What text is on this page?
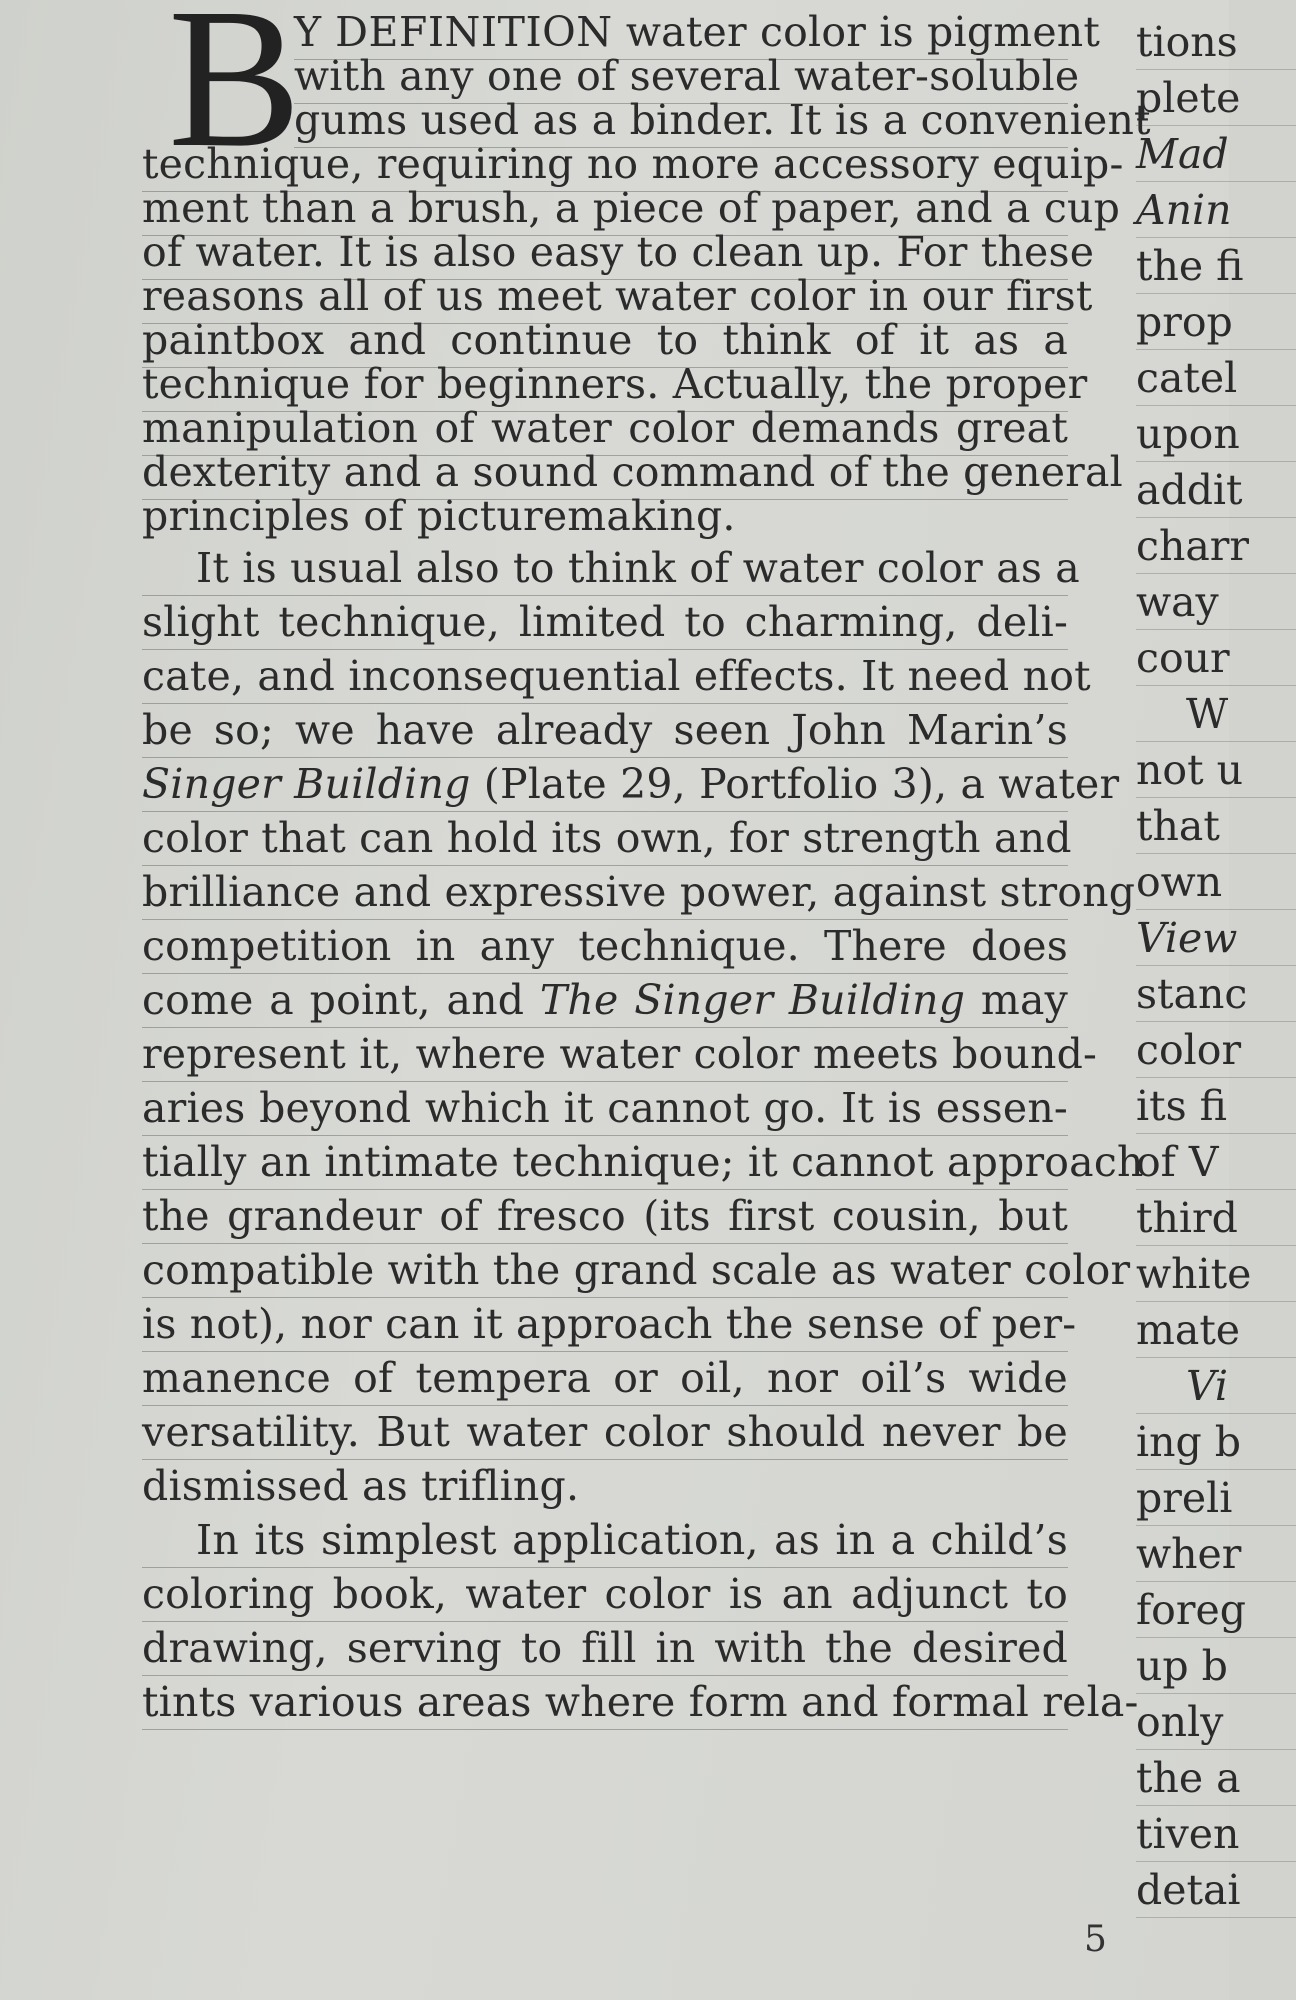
B
Y DEFINITION water color is pigment
with any one of several water-soluble
gums used as a binder. It is a convenient
technique, requiring no more accessory equip-
ment than a brush, a piece of paper, and a cup
of water. It is also easy to clean up. For these
reasons all of us meet water color in our first
paintbox and continue to think of it as a
technique for beginners. Actually, the proper
manipulation of water color demands great
dexterity and a sound command of the general
principles of picturemaking.
It is usual also to think of water color as a
slight technique, limited to charming, deli-
cate, and inconsequential effects. It need not
be so; we have already seen John Marin’s
Singer Building (Plate 29, Portfolio 3), a water
color that can hold its own, for strength and
brilliance and expressive power, against strong
competition in any technique. There does
come a point, and The Singer Building may
represent it, where water color meets bound-
aries beyond which it cannot go. It is essen-
tially an intimate technique; it cannot approach
the grandeur of fresco (its first cousin, but
compatible with the grand scale as water color
is not), nor can it approach the sense of per-
manence of tempera or oil, nor oil’s wide
versatility. But water color should never be
dismissed as trifling.
In its simplest application, as in a child’s
coloring book, water color is an adjunct to
drawing, serving to fill in with the desired
tints various areas where form and formal rela-
tions
plete
Mad
Anin
the fi
prop
catel
upon
addit
charr
way
cour
W
not u
that
own
View
stanc
color
its fi
of V
third
white
mate
Vi
ing b
preli
wher
foreg
up b
only
the a
tiven
detai
5
